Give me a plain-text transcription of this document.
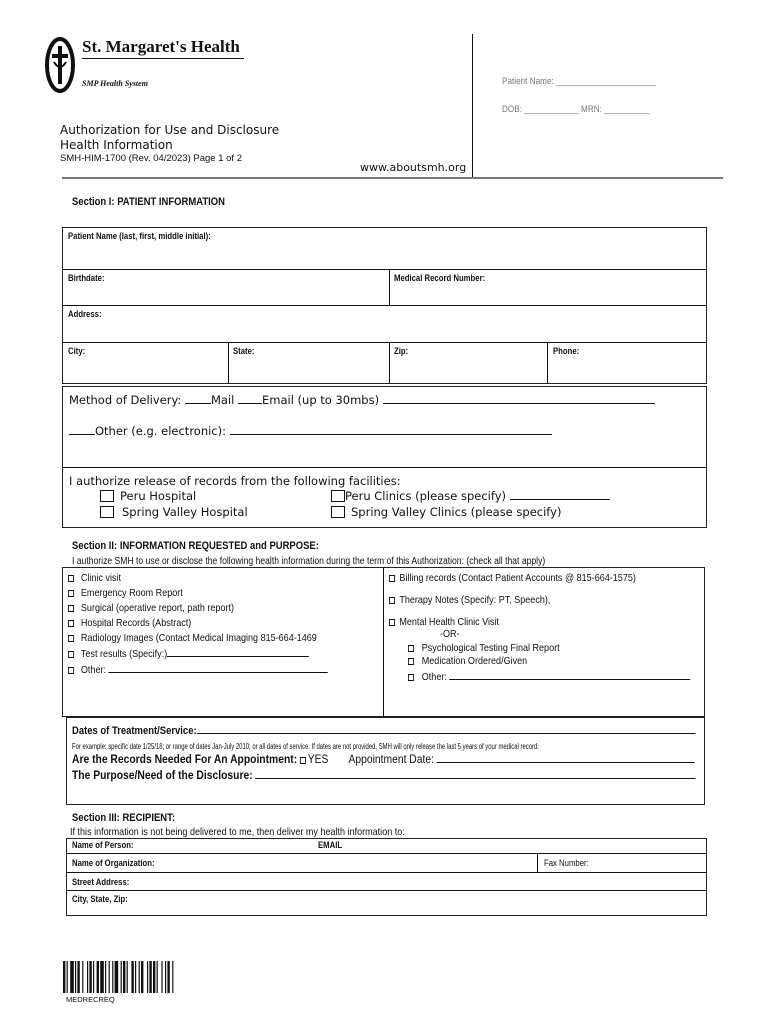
St. Margaret's Health
SMP Health System	Patient Name: ______________________
DOB: ____________ MRN: __________
Authorization for Use and Disclosure
Health Information
SMH-HIM-1700 (Rev. 04/2023) Page 1 of 2
www.aboutsmh.org
Section I: PATIENT INFORMATION
Patient Name (last, first, middle initial):
Birthdate:	Medical Record Number:
Address:
City:	State:	Zip:	Phone:
Method of Delivery: Mail Email (up to 30mbs)
Other (e.g. electronic):
I authorize release of records from the following facilities:
Peru Hospital
Spring Valley Hospital
Peru Clinics (please specify)
Spring Valley Clinics (please specify)
Section II: INFORMATION REQUESTED and PURPOSE:
I authorize SMH to use or disclose the following health information during the term of this Authorization: (check all that apply)
Clinic visit
Emergency Room Report
Surgical (operative report, path report)
Hospital Records (Abstract)
Radiology Images (Contact Medical Imaging 815-664-1469
Test results (Specify:)
Other:
Billing records (Contact Patient Accounts @ 815-664-1575)
Therapy Notes (Specify: PT, Speech),
Mental Health Clinic Visit
-OR-
Psychological Testing Final Report
Medication Ordered/Given
Other:
Dates of Treatment/Service:
For example: specific date 1/25/18; or range of dates Jan-July 2010; or all dates of service. If dates are not provided, SMH will only release the last 5 years of your medical record.
Are the Records Needed For An Appointment: YES Appointment Date:
The Purpose/Need of the Disclosure:
Section III: RECIPIENT:
If this information is not being delivered to me, then deliver my health information to:
Name of Person:	EMAIL
Name of Organization:	Fax Number:
Street Address:
City, State, Zip:
MEDRECREQ
